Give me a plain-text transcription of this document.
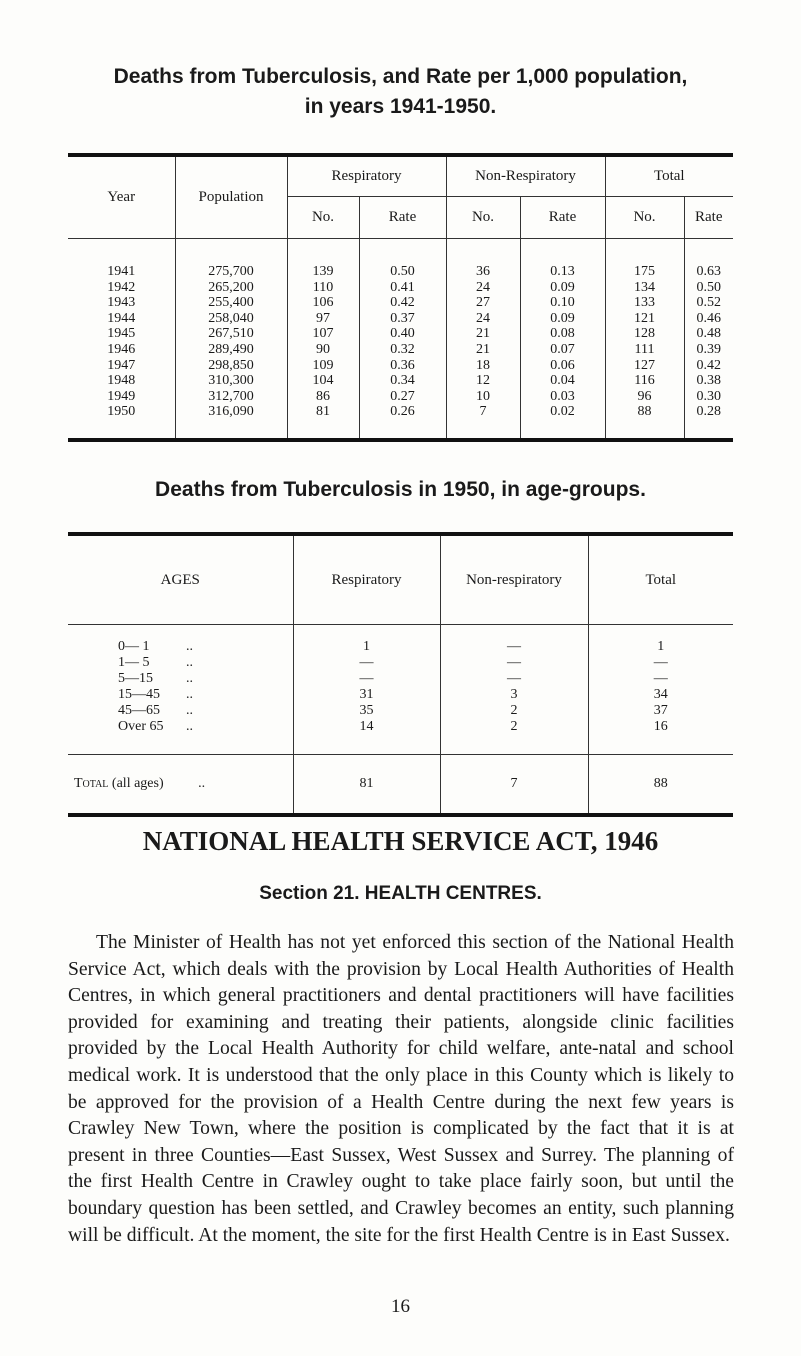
Deaths from Tuberculosis, and Rate per 1,000 population,
in years 1941-1950.
Year	Population	Respiratory		Non-Respiratory		Total	
		No.	Rate	No.	Rate	No.	Rate

1941	275,700	139	0.50	36	0.13	175	0.63
1942	265,200	110	0.41	24	0.09	134	0.50
1943	255,400	106	0.42	27	0.10	133	0.52
1944	258,040	97	0.37	24	0.09	121	0.46
1945	267,510	107	0.40	21	0.08	128	0.48
1946	289,490	90	0.32	21	0.07	111	0.39
1947	298,850	109	0.36	18	0.06	127	0.42
1948	310,300	104	0.34	12	0.04	116	0.38
1949	312,700	86	0.27	10	0.03	96	0.30
1950	316,090	81	0.26	7	0.02	88	0.28

Deaths from Tuberculosis in 1950, in age-groups.
AGES	Respiratory	Non-respiratory	Total

0— 1 ..	1	—	1
1— 5 ..	—	—	—
5—15 ..	—	—	—
15—45 ..	31	3	34
45—65 ..	35	2	37
Over 65 ..	14	2	16

Total (all ages) ..	81	7	88
NATIONAL HEALTH SERVICE ACT, 1946
Section 21. HEALTH CENTRES.

The Minister of Health has not yet enforced this section of the National Health Service Act, which deals with the provision by Local Health Authorities of Health Centres, in which general practitioners and dental practitioners will have facilities provided for examining and treating their patients, alongside clinic facilities provided by the Local Health Authority for child welfare, ante-natal and school medical work. It is understood that the only place in this County which is likely to be approved for the provision of a Health Centre during the next few years is Crawley New Town, where the position is complicated by the fact that it is at present in three Counties—East Sussex, West Sussex and Surrey. The planning of the first Health Centre in Crawley ought to take place fairly soon, but until the boundary question has been settled, and Crawley becomes an entity, such planning will be difficult. At the moment, the site for the first Health Centre is in East Sussex.

16
